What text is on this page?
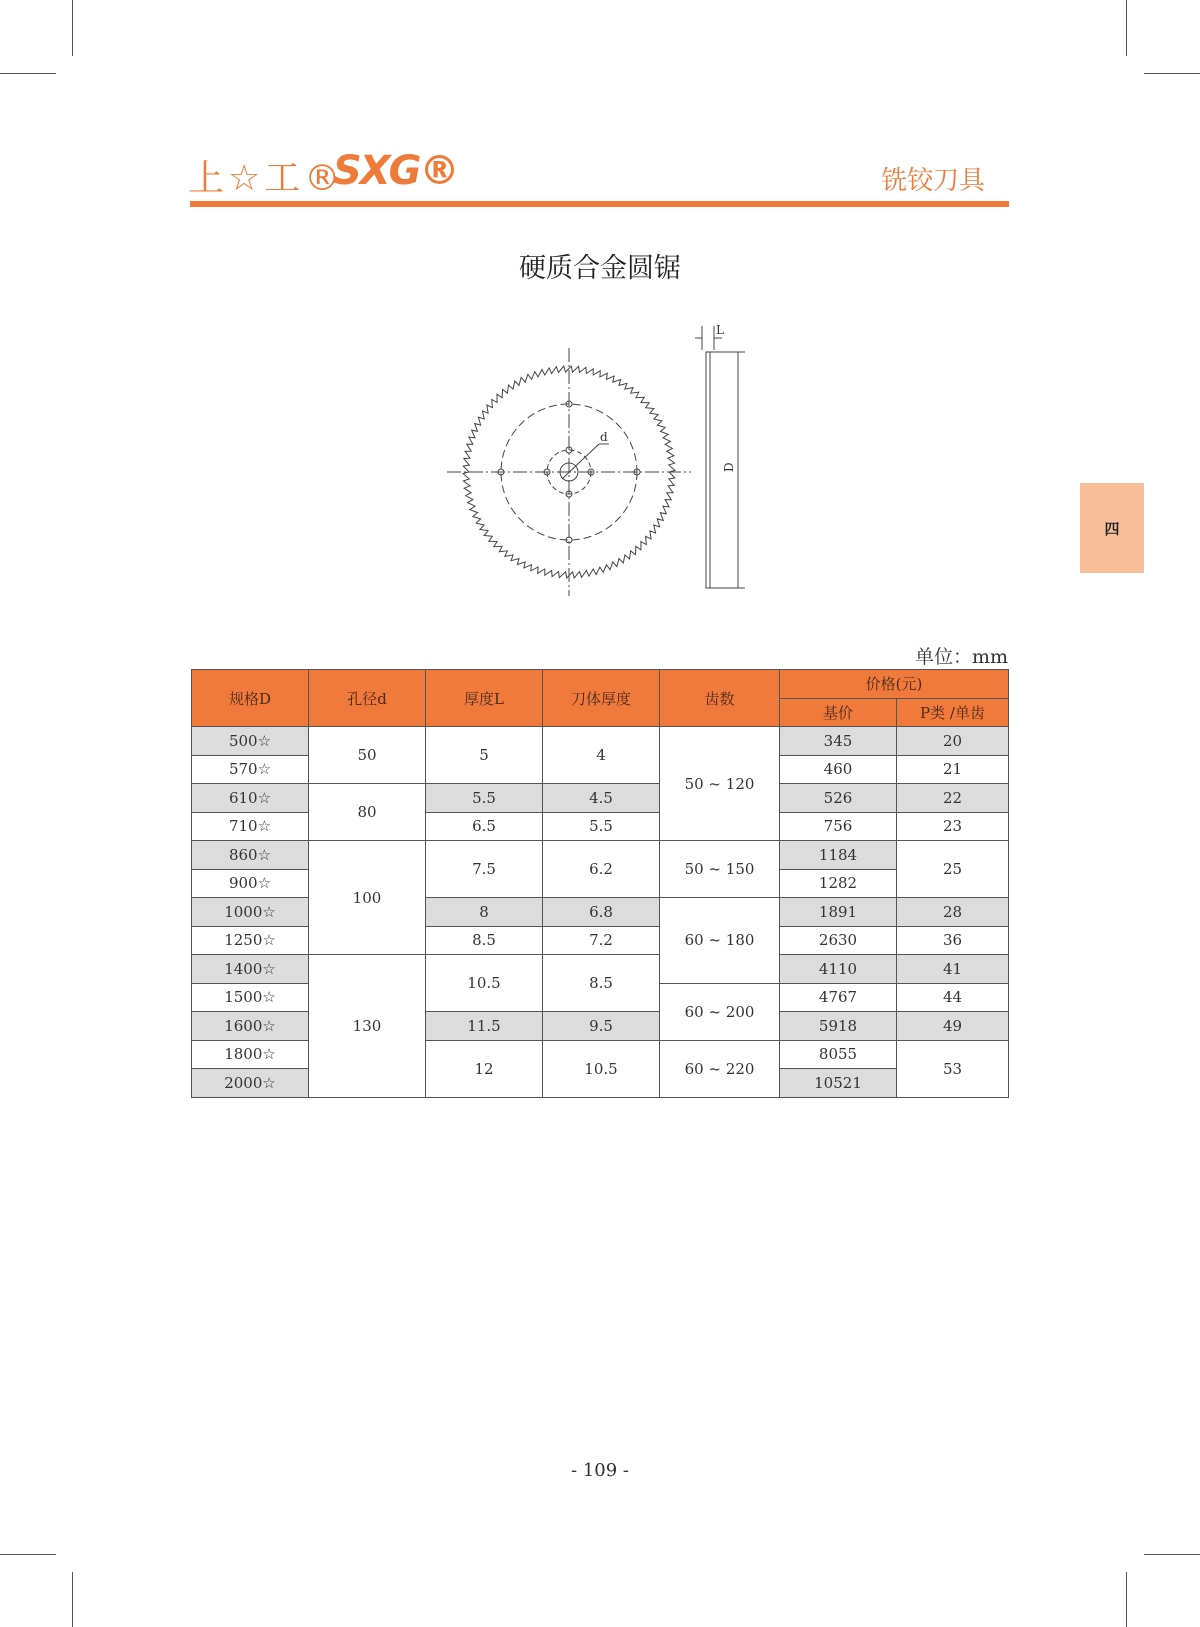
上☆工®
SXG®	铣铰刀具
硬质合金圆锯
d
L
D
四
单位：mm
规格D	孔径d	厚度L	刀体厚度	齿数	价格(元)	
					基价	P类 /单齿
500☆	50	5	4	50 ~ 120	345	20
570☆					460	21
610☆	80	5.5	4.5		526	22
710☆		6.5	5.5		756	23
860☆	100	7.5	6.2	50 ~ 150	1184	25
900☆					1282	
1000☆		8	6.8	60 ~ 180	1891	28
1250☆		8.5	7.2		2630	36
1400☆	130	10.5	8.5		4110	41
1500☆				60 ~ 200	4767	44
1600☆		11.5	9.5		5918	49
1800☆		12	10.5	60 ~ 220	8055	53
2000☆					10521	
- 109 -
